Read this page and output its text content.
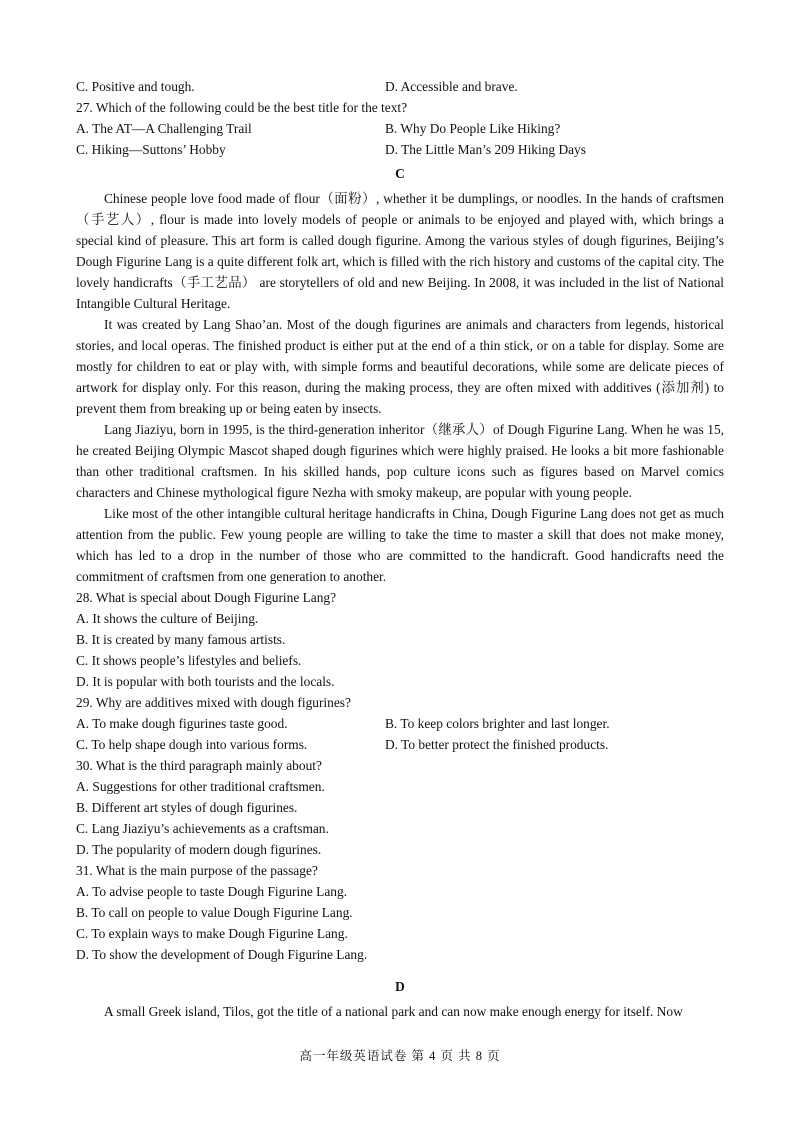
C. Positive and tough.	D. Accessible and brave.
27. Which of the following could be the best title for the text?
A. The AT—A Challenging Trail	B. Why Do People Like Hiking?
C. Hiking—Suttons’ Hobby	D. The Little Man’s 209 Hiking Days
C

Chinese people love food made of flour（面粉）, whether it be dumplings, or noodles. In the hands of craftsmen（手艺人）, flour is made into lovely models of people or animals to be enjoyed and played with, which brings a special kind of pleasure. This art form is called dough figurine. Among the various styles of dough figurines, Beijing’s Dough Figurine Lang is a quite different folk art, which is filled with the rich history and customs of the capital city. The lovely handicrafts（手工艺品） are storytellers of old and new Beijing. In 2008, it was included in the list of National Intangible Cultural Heritage.

It was created by Lang Shao’an. Most of the dough figurines are animals and characters from legends, historical stories, and local operas. The finished product is either put at the end of a thin stick, or on a table for display. Some are mostly for children to eat or play with, with simple forms and beautiful decorations, while some are delicate pieces of artwork for display only. For this reason, during the making process, they are often mixed with additives (添加剂) to prevent them from breaking up or being eaten by insects.

Lang Jiaziyu, born in 1995, is the third-generation inheritor（继承人）of Dough Figurine Lang. When he was 15, he created Beijing Olympic Mascot shaped dough figurines which were highly praised. He looks a bit more fashionable than other traditional craftsmen. In his skilled hands, pop culture icons such as figures based on Marvel comics characters and Chinese mythological figure Nezha with smoky makeup, are popular with young people.

Like most of the other intangible cultural heritage handicrafts in China, Dough Figurine Lang does not get as much attention from the public. Few young people are willing to take the time to master a skill that does not make money, which has led to a drop in the number of those who are committed to the handicraft. Good handicrafts need the commitment of craftsmen from one generation to another.

28. What is special about Dough Figurine Lang?
A. It shows the culture of Beijing.
B. It is created by many famous artists.
C. It shows people’s lifestyles and beliefs.
D. It is popular with both tourists and the locals.
29. Why are additives mixed with dough figurines?
A. To make dough figurines taste good.	B. To keep colors brighter and last longer.
C. To help shape dough into various forms.	D. To better protect the finished products.
30. What is the third paragraph mainly about?
A. Suggestions for other traditional craftsmen.
B. Different art styles of dough figurines.
C. Lang Jiaziyu’s achievements as a craftsman.
D. The popularity of modern dough figurines.
31. What is the main purpose of the passage?
A. To advise people to taste Dough Figurine Lang.
B. To call on people to value Dough Figurine Lang.
C. To explain ways to make Dough Figurine Lang.
D. To show the development of Dough Figurine Lang.
D

A small Greek island, Tilos, got the title of a national park and can now make enough energy for itself. Now

高一年级英语试卷 第 4 页 共 8 页
